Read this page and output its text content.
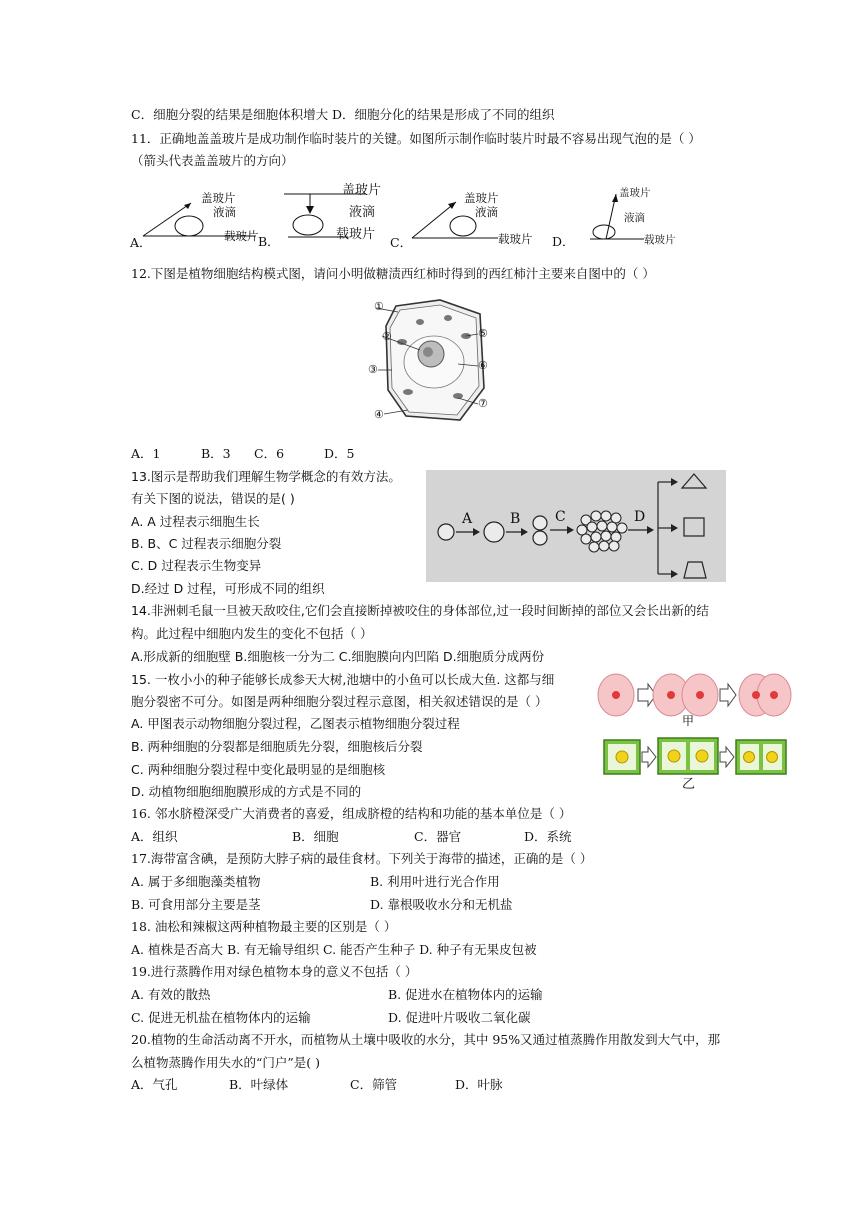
C．细胞分裂的结果是细胞体积增大 D．细胞分化的结果是形成了不同的组织
11．正确地盖盖玻片是成功制作临时装片的关键。如图所示制作临时装片时最不容易出现气泡的是（ ）
（箭头代表盖盖玻片的方向）
盖玻片
液滴
载玻片
A．
盖玻片
液滴
载玻片
B．
盖玻片
液滴
载玻片
C．
盖玻片
液滴
载玻片
D．
12.下图是植物细胞结构模式图，请问小明做糖渍西红柿时得到的西红柿汁主要来自图中的（ ）
①
②
③
④
⑤
⑥
⑦
A．1	B．3 C．6	D．5
13.图示是帮助我们理解生物学概念的有效方法。
有关下图的说法，错误的是( )
A. A 过程表示细胞生长
B. B、C 过程表示细胞分裂
C. D 过程表示生物变异
D.经过 D 过程，可形成不同的组织
A	B C	D
14.非洲刺毛鼠一旦被天敌咬住,它们会直接断掉被咬住的身体部位,过一段时间断掉的部位又会长出新的结
构。此过程中细胞内发生的变化不包括（ ）
A.形成新的细胞壁 B.细胞核一分为二 C.细胞膜向内凹陷 D.细胞质分成两份
15. 一枚小小的种子能够长成参天大树,池塘中的小鱼可以长成大鱼. 这都与细
胞分裂密不可分。如图是两种细胞分裂过程示意图，相关叙述错误的是（ ）
A. 甲图表示动物细胞分裂过程，乙图表示植物细胞分裂过程
B. 两种细胞的分裂都是细胞质先分裂，细胞核后分裂
C. 两种细胞分裂过程中变化最明显的是细胞核
D. 动植物细胞细胞膜形成的方式是不同的
甲
乙
16. 邻水脐橙深受广大消费者的喜爱，组成脐橙的结构和功能的基本单位是（ ）
A．组织	B．细胞	C．器官	D．系统
17.海带富含碘，是预防大脖子病的最佳食材。下列关于海带的描述，正确的是（ ）
A. 属于多细胞藻类植物	B. 利用叶进行光合作用
B. 可食用部分主要是茎	D. 靠根吸收水分和无机盐
18. 油松和辣椒这两种植物最主要的区别是（ ）
A. 植株是否高大 B. 有无输导组织 C. 能否产生种子 D. 种子有无果皮包被
19.进行蒸腾作用对绿色植物本身的意义不包括（ ）
A. 有效的散热	B. 促进水在植物体内的运输
C. 促进无机盐在植物体内的运输	D. 促进叶片吸收二氧化碳
20.植物的生命活动离不开水，而植物从土壤中吸收的水分，其中 95%又通过植蒸腾作用散发到大气中，那
么植物蒸腾作用失水的“门户”是( )
A．气孔	B．叶绿体	C．筛管	D．叶脉
